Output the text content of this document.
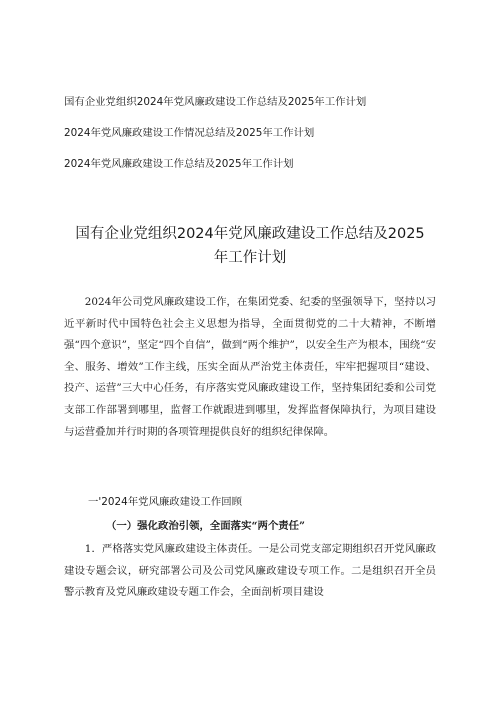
国有企业党组织2024年党风廉政建设工作总结及2025年工作计划
2024年党风廉政建设工作情况总结及2025年工作计划
2024年党风廉政建设工作总结及2025年工作计划
国有企业党组织2024年党风廉政建设工作总结及2025
年工作计划

2024年公司党风廉政建设工作，在集团党委、纪委的坚强领导下，坚持以习近平新时代中国特色社会主义思想为指导，全面贯彻党的二十大精神，不断增强“四个意识”，坚定“四个自信”，做到“两个维护”，以安全生产为根本，围绕“安全、服务、增效”工作主线，压实全面从严治党主体责任，牢牢把握项目“建设、投产、运营”三大中心任务，有序落实党风廉政建设工作，坚持集团纪委和公司党支部工作部署到哪里，监督工作就跟进到哪里，发挥监督保障执行，为项目建设与运营叠加并行时期的各项管理提供良好的组织纪律保障。

一'2024年党风廉政建设工作回顾
（一）强化政治引领，全面落实“两个责任”

1．严格落实党风廉政建设主体责任。一是公司党支部定期组织召开党风廉政建设专题会议，研究部署公司及公司党风廉政建设专项工作。二是组织召开全员警示教育及党风廉政建设专题工作会，全面剖析项目建设
